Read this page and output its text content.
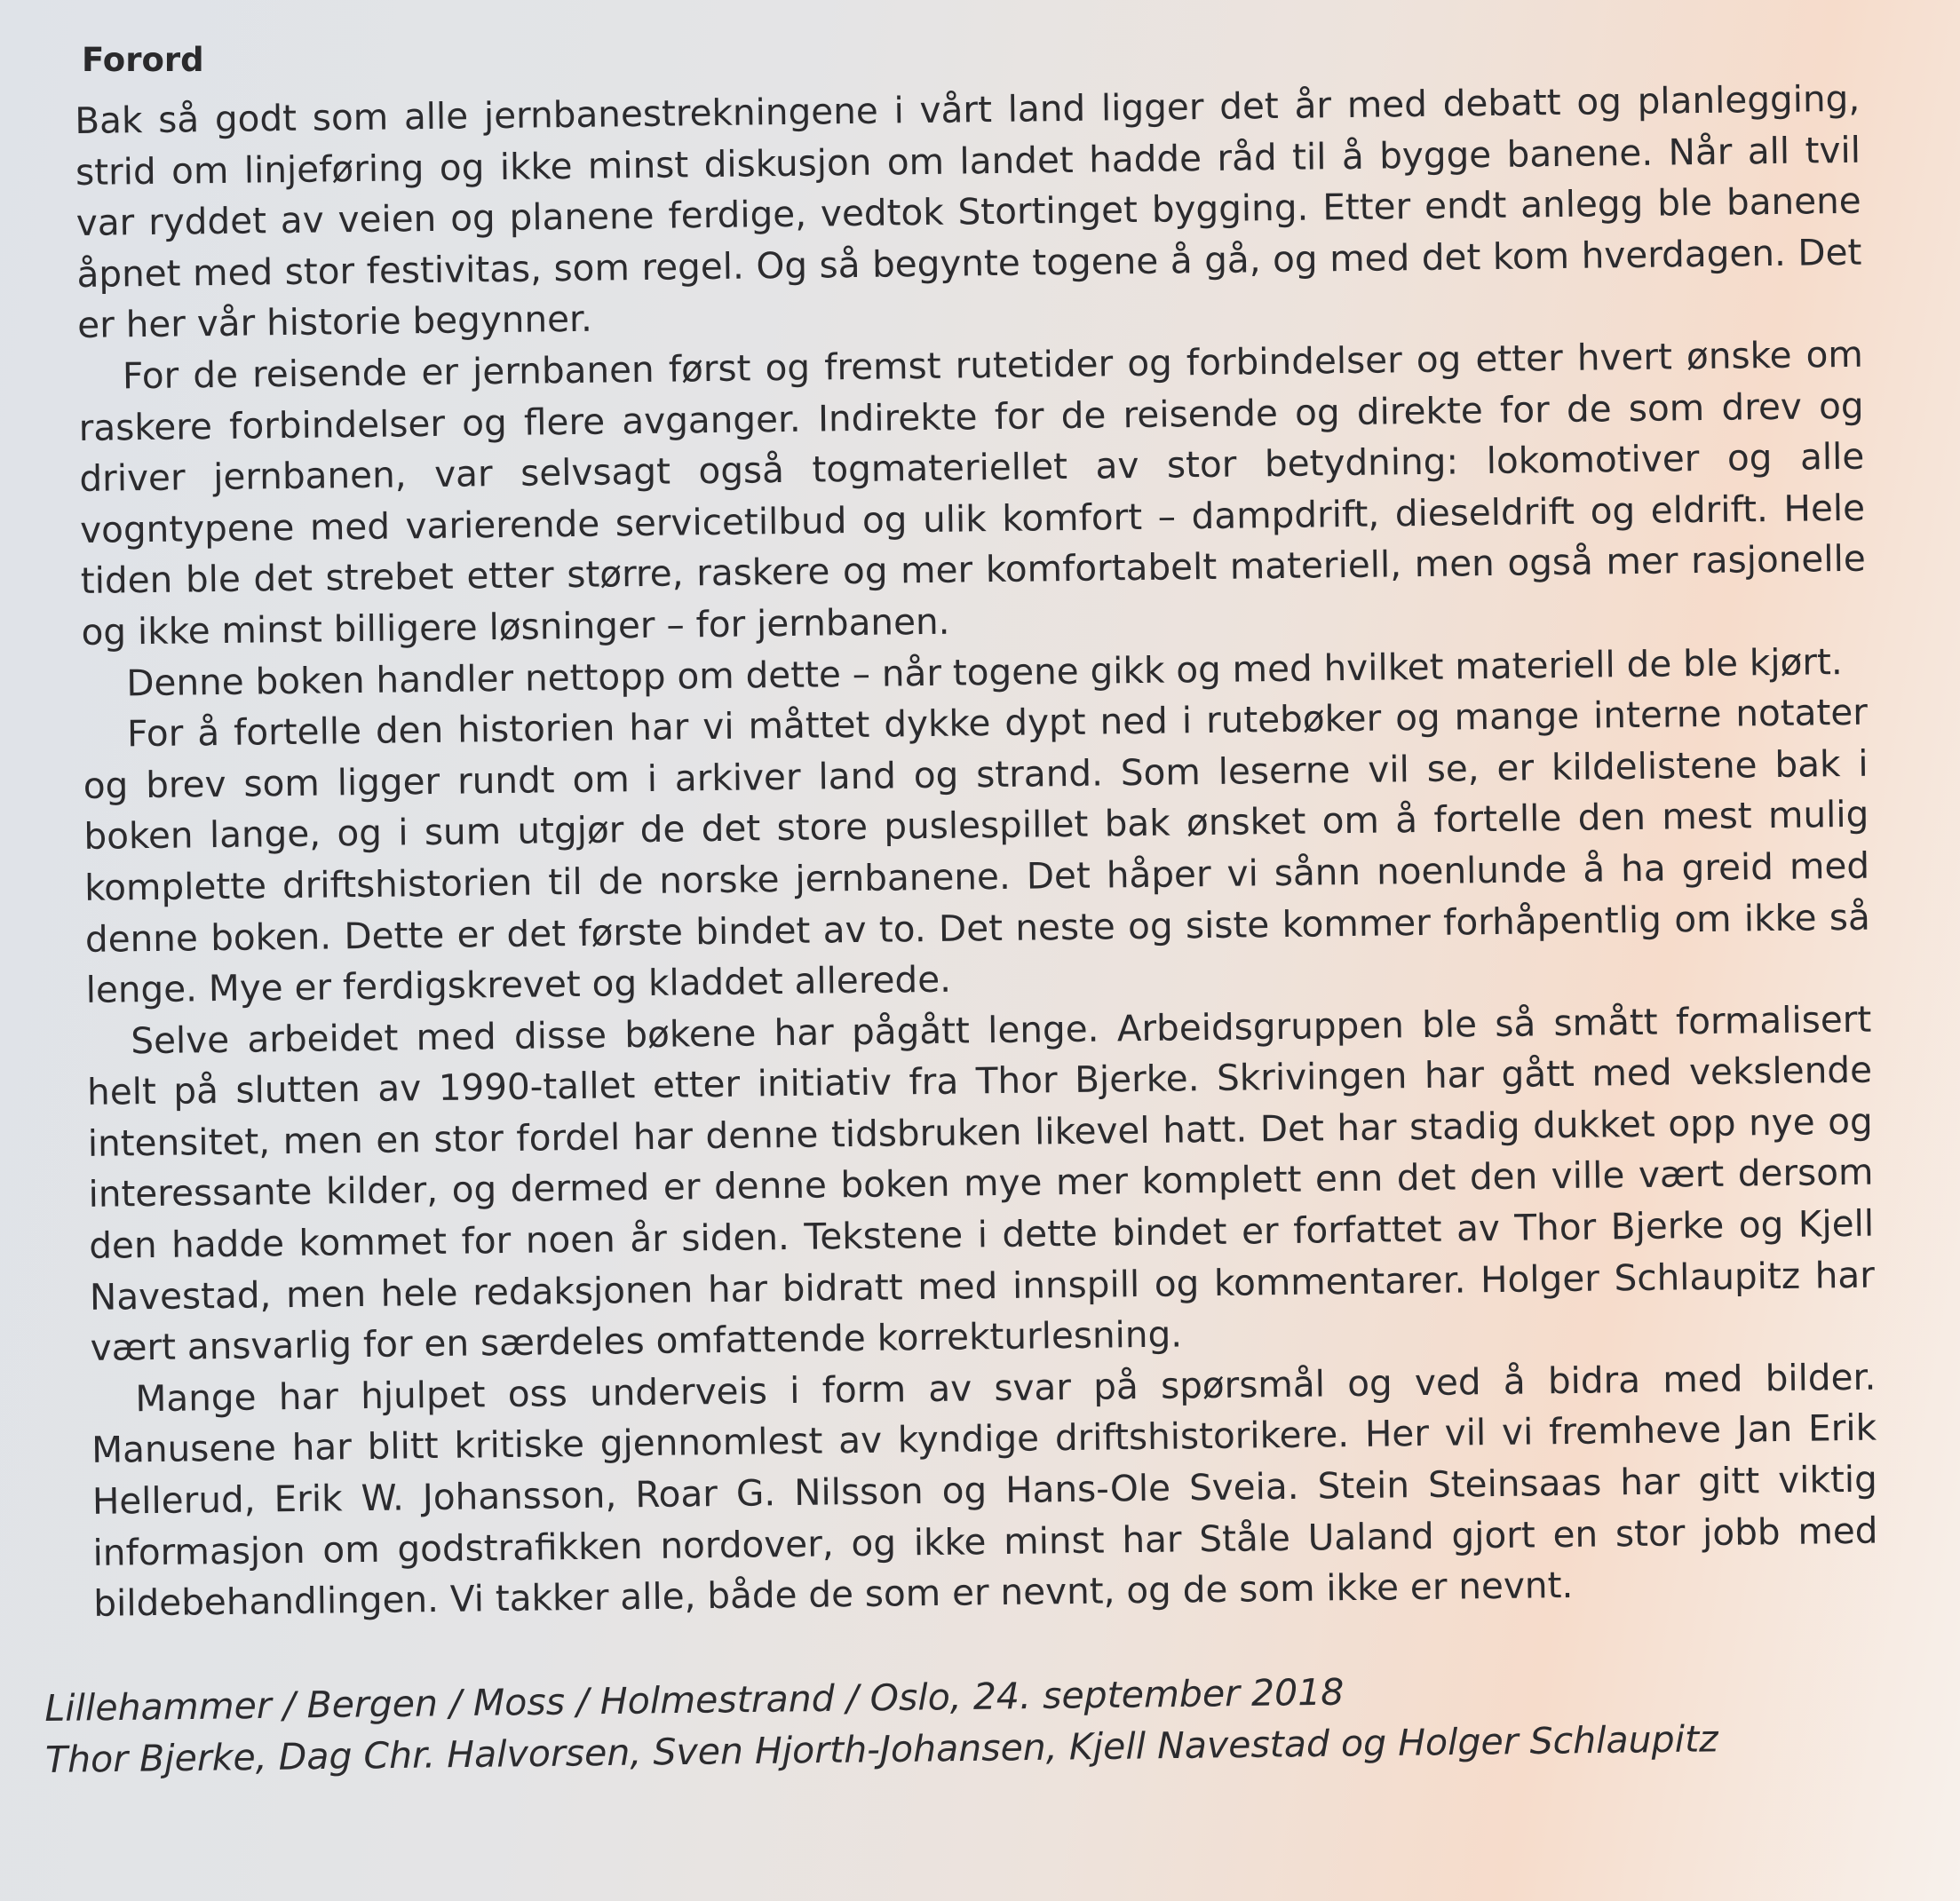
Forord

Bak så godt som alle jernbanestrekningene i vårt land ligger det år med debatt og planlegging, strid om linjeføring og ikke minst diskusjon om landet hadde råd til å bygge banene. Når all tvil var ryddet av veien og planene ferdige, vedtok Stortinget bygging. Etter endt anlegg ble banene åpnet med stor festivitas, som regel. Og så begynte togene å gå, og med det kom hverdagen. Det er her vår historie begynner.

For de reisende er jernbanen først og fremst rutetider og forbindelser og etter hvert ønske om raskere forbindelser og flere avganger. Indirekte for de reisende og direkte for de som drev og driver jernbanen, var selvsagt også togmateriellet av stor betydning: lokomotiver og alle vogntypene med varierende servicetilbud og ulik komfort – dampdrift, dieseldrift og eldrift. Hele tiden ble det strebet etter større, raskere og mer komfortabelt materiell, men også mer rasjonelle og ikke minst billigere løsninger – for jernbanen.

Denne boken handler nettopp om dette – når togene gikk og med hvilket materiell de ble kjørt.

For å fortelle den historien har vi måttet dykke dypt ned i rutebøker og mange interne notater og brev som ligger rundt om i arkiver land og strand. Som leserne vil se, er kildelistene bak i boken lange, og i sum utgjør de det store puslespillet bak ønsket om å fortelle den mest mulig komplette driftshistorien til de norske jernbanene. Det håper vi sånn noenlunde å ha greid med denne boken. Dette er det første bindet av to. Det neste og siste kommer forhåpentlig om ikke så lenge. Mye er ferdigskrevet og kladdet allerede.

Selve arbeidet med disse bøkene har pågått lenge. Arbeidsgruppen ble så smått formalisert helt på slutten av 1990-tallet etter initiativ fra Thor Bjerke. Skrivingen har gått med vekslende intensitet, men en stor fordel har denne tidsbruken likevel hatt. Det har stadig dukket opp nye og interessante kilder, og dermed er denne boken mye mer komplett enn det den ville vært dersom den hadde kommet for noen år siden. Tekstene i dette bindet er forfattet av Thor Bjerke og Kjell Navestad, men hele redaksjonen har bidratt med innspill og kommentarer. Holger Schlaupitz har vært ansvarlig for en særdeles omfattende korrekturlesning.

Mange har hjulpet oss underveis i form av svar på spørsmål og ved å bidra med bilder. Manusene har blitt kritiske gjennomlest av kyndige driftshistorikere. Her vil vi fremheve Jan Erik Hellerud, Erik W. Johansson, Roar G. Nilsson og Hans-Ole Sveia. Stein Steinsaas har gitt viktig informasjon om godstrafikken nordover, og ikke minst har Ståle Ualand gjort en stor jobb med bildebehandlingen. Vi takker alle, både de som er nevnt, og de som ikke er nevnt.

Lillehammer / Bergen / Moss / Holmestrand / Oslo, 24. september 2018
Thor Bjerke, Dag Chr. Halvorsen, Sven Hjorth-Johansen, Kjell Navestad og Holger Schlaupitz
